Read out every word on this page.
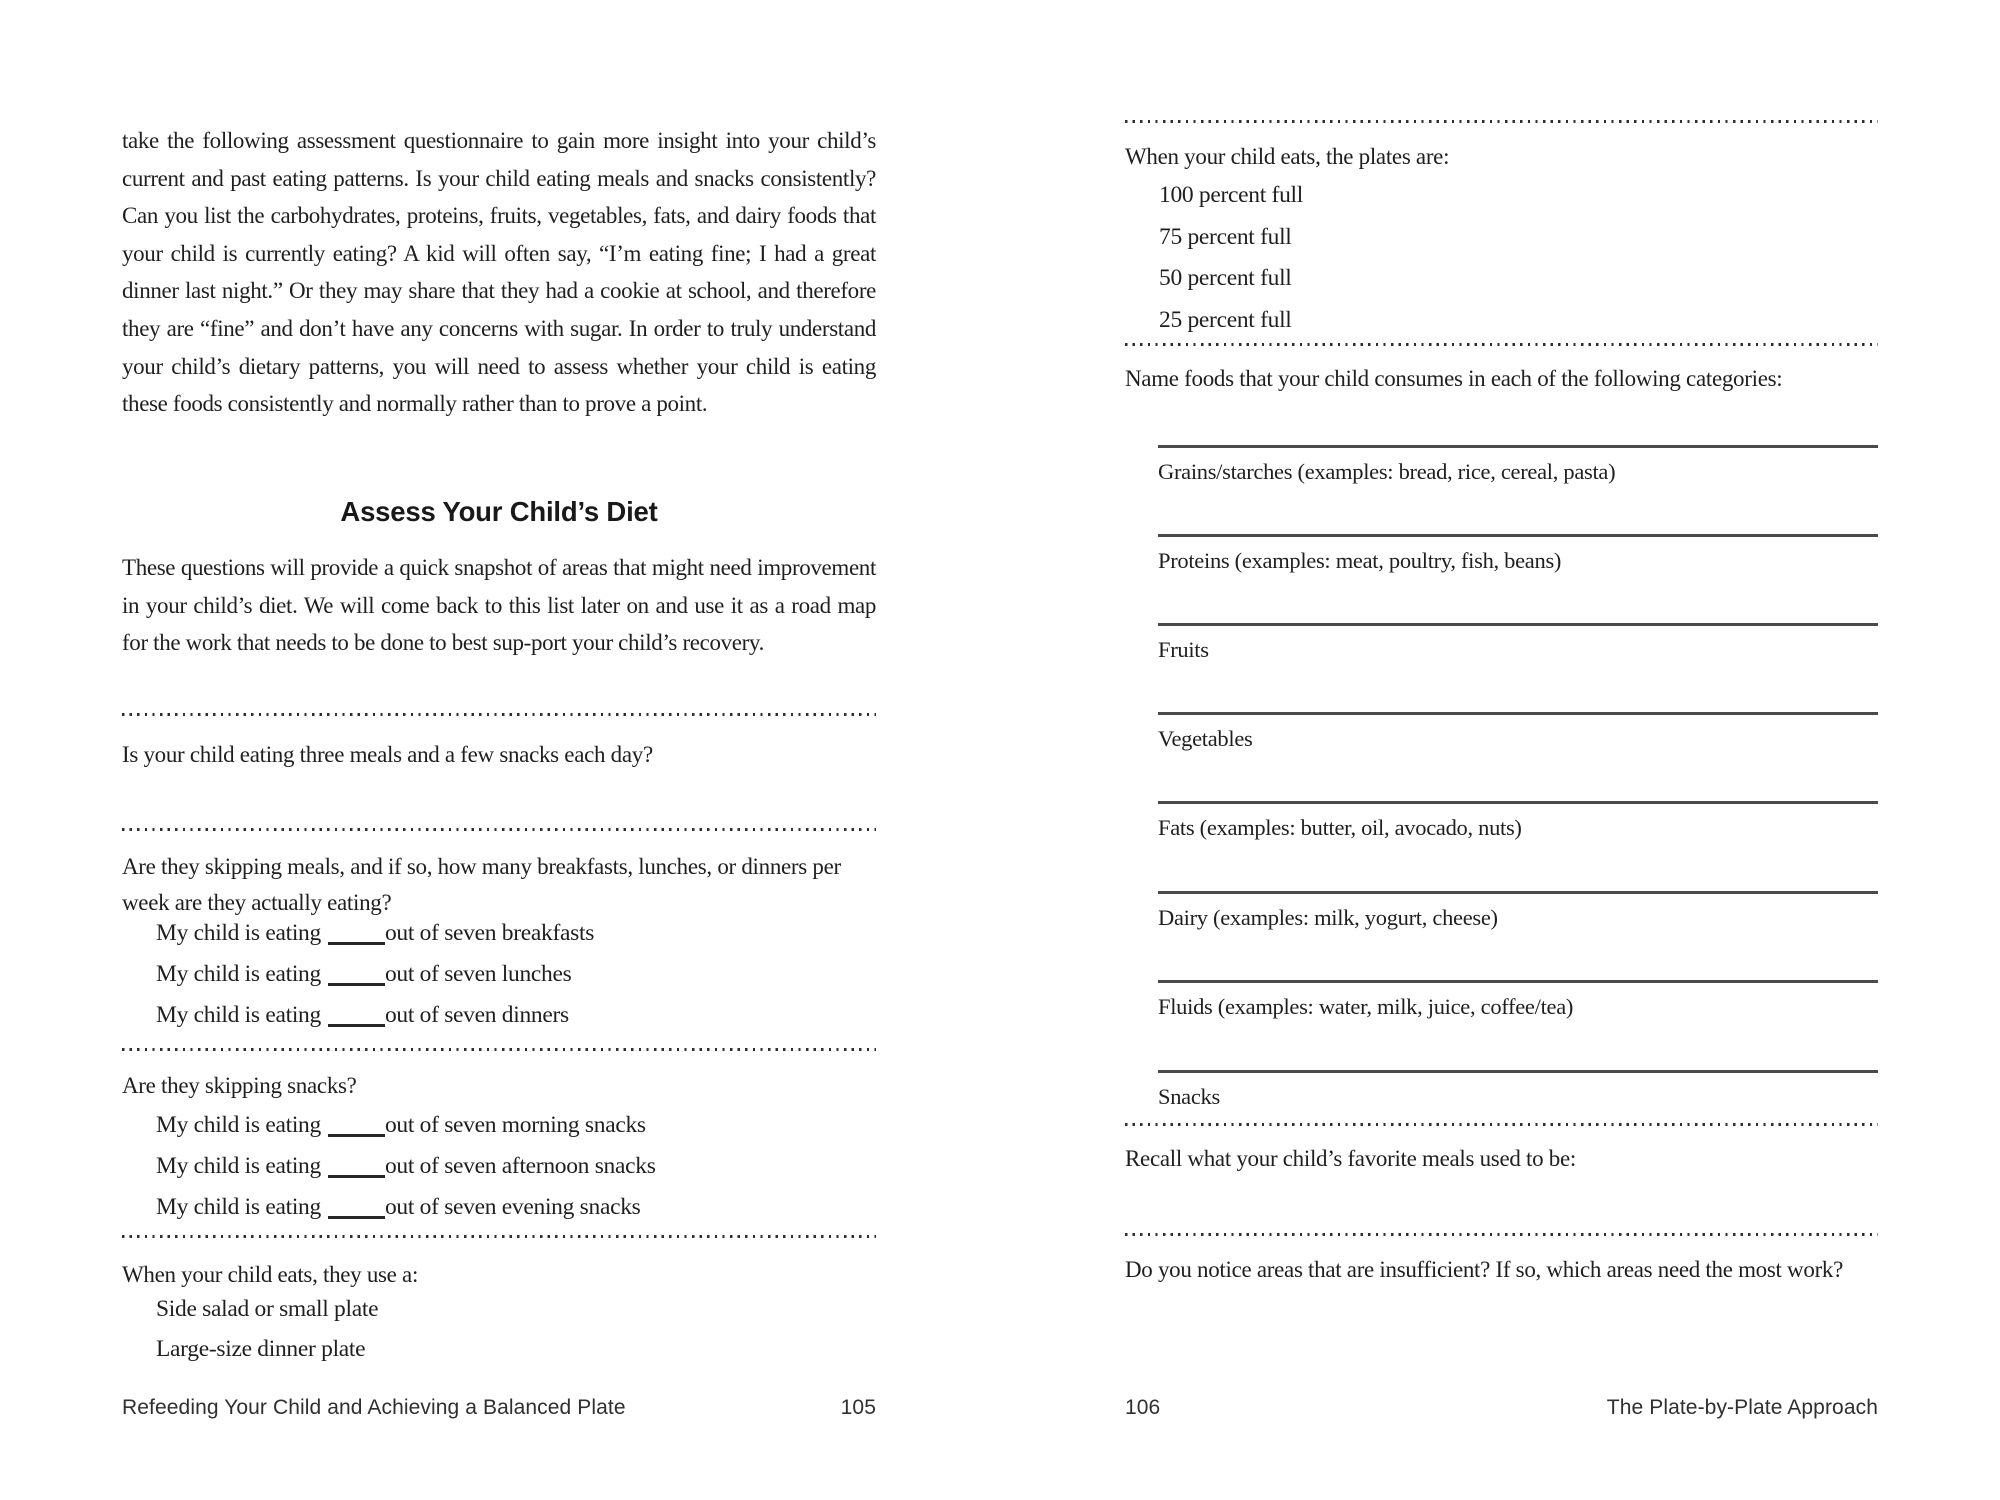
take the following assessment questionnaire to gain more insight into your child’s current and past eating patterns. Is your child eating meals and snacks consistently? Can you list the carbohydrates, proteins, fruits, vegetables, fats, and dairy foods that your child is currently eating? A kid will often say, “I’m eating fine; I had a great dinner last night.” Or they may share that they had a cookie at school, and therefore they are “fine” and don’t have any concerns with sugar. In order to truly understand your child’s dietary patterns, you will need to assess whether your child is eating these foods consistently and normally rather than to prove a point.
Assess Your Child’s Diet
These questions will provide a quick snapshot of areas that might need improvement in your child’s diet. We will come back to this list later on and use it as a road map for the work that needs to be done to best sup-port your child’s recovery.
Is your child eating three meals and a few snacks each day?
Are they skipping meals, and if so, how many breakfasts, lunches, or dinners per week are they actually eating?
My child is eating	out of seven breakfasts
My child is eating	out of seven lunches
My child is eating	out of seven dinners
Are they skipping snacks?
My child is eating	out of seven morning snacks
My child is eating	out of seven afternoon snacks
My child is eating	out of seven evening snacks
When your child eats, they use a:
Side salad or small plate
Large-size dinner plate
Refeeding Your Child and Achieving a Balanced Plate	105
When your child eats, the plates are:
100 percent full
75 percent full
50 percent full
25 percent full
Name foods that your child consumes in each of the following categories:
Grains/starches (examples: bread, rice, cereal, pasta)
Proteins (examples: meat, poultry, fish, beans)
Fruits
Vegetables
Fats (examples: butter, oil, avocado, nuts)
Dairy (examples: milk, yogurt, cheese)
Fluids (examples: water, milk, juice, coffee/tea)
Snacks
Recall what your child’s favorite meals used to be:
Do you notice areas that are insufficient? If so, which areas need the most work?
106	The Plate-by-Plate Approach
